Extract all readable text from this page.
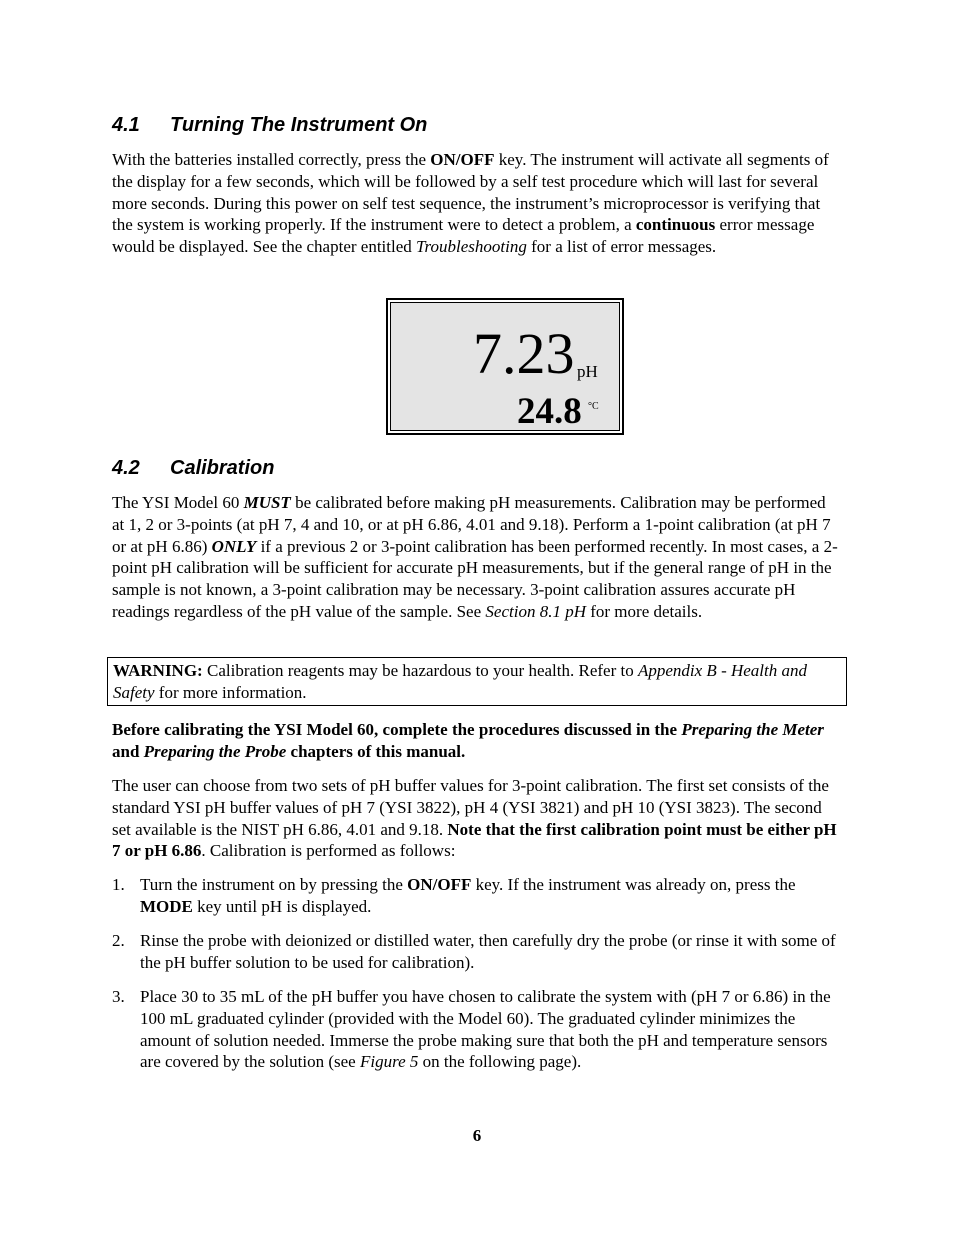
4.1 Turning The Instrument On

With the batteries installed correctly, press the ON/OFF key. The instrument will activate all segments of the display for a few seconds, which will be followed by a self test procedure which will last for several more seconds. During this power on self test sequence, the instrument’s microprocessor is verifying that the system is working properly. If the instrument were to detect a problem, a continuous error message would be displayed. See the chapter entitled Troubleshooting for a list of error messages.

7.23 pH
24.8 °C
4.2 Calibration

The YSI Model 60 MUST be calibrated before making pH measurements. Calibration may be performed at 1, 2 or 3-points (at pH 7, 4 and 10, or at pH 6.86, 4.01 and 9.18). Perform a 1-point calibration (at pH 7 or at pH 6.86) ONLY if a previous 2 or 3-point calibration has been performed recently. In most cases, a 2-point pH calibration will be sufficient for accurate pH measurements, but if the general range of pH in the sample is not known, a 3-point calibration may be necessary. 3-point calibration assures accurate pH readings regardless of the pH value of the sample. See Section 8.1 pH for more details.

WARNING: Calibration reagents may be hazardous to your health. Refer to Appendix B - Health and Safety for more information.

Before calibrating the YSI Model 60, complete the procedures discussed in the Preparing the Meter and Preparing the Probe chapters of this manual.

The user can choose from two sets of pH buffer values for 3-point calibration. The first set consists of the standard YSI pH buffer values of pH 7 (YSI 3822), pH 4 (YSI 3821) and pH 10 (YSI 3823). The second set available is the NIST pH 6.86, 4.01 and 9.18. Note that the first calibration point must be either pH 7 or pH 6.86. Calibration is performed as follows:

1. Turn the instrument on by pressing the ON/OFF key. If the instrument was already on, press the MODE key until pH is displayed.
2. Rinse the probe with deionized or distilled water, then carefully dry the probe (or rinse it with some of the pH buffer solution to be used for calibration).
3. Place 30 to 35 mL of the pH buffer you have chosen to calibrate the system with (pH 7 or 6.86) in the 100 mL graduated cylinder (provided with the Model 60). The graduated cylinder minimizes the amount of solution needed. Immerse the probe making sure that both the pH and temperature sensors are covered by the solution (see Figure 5 on the following page).
6
